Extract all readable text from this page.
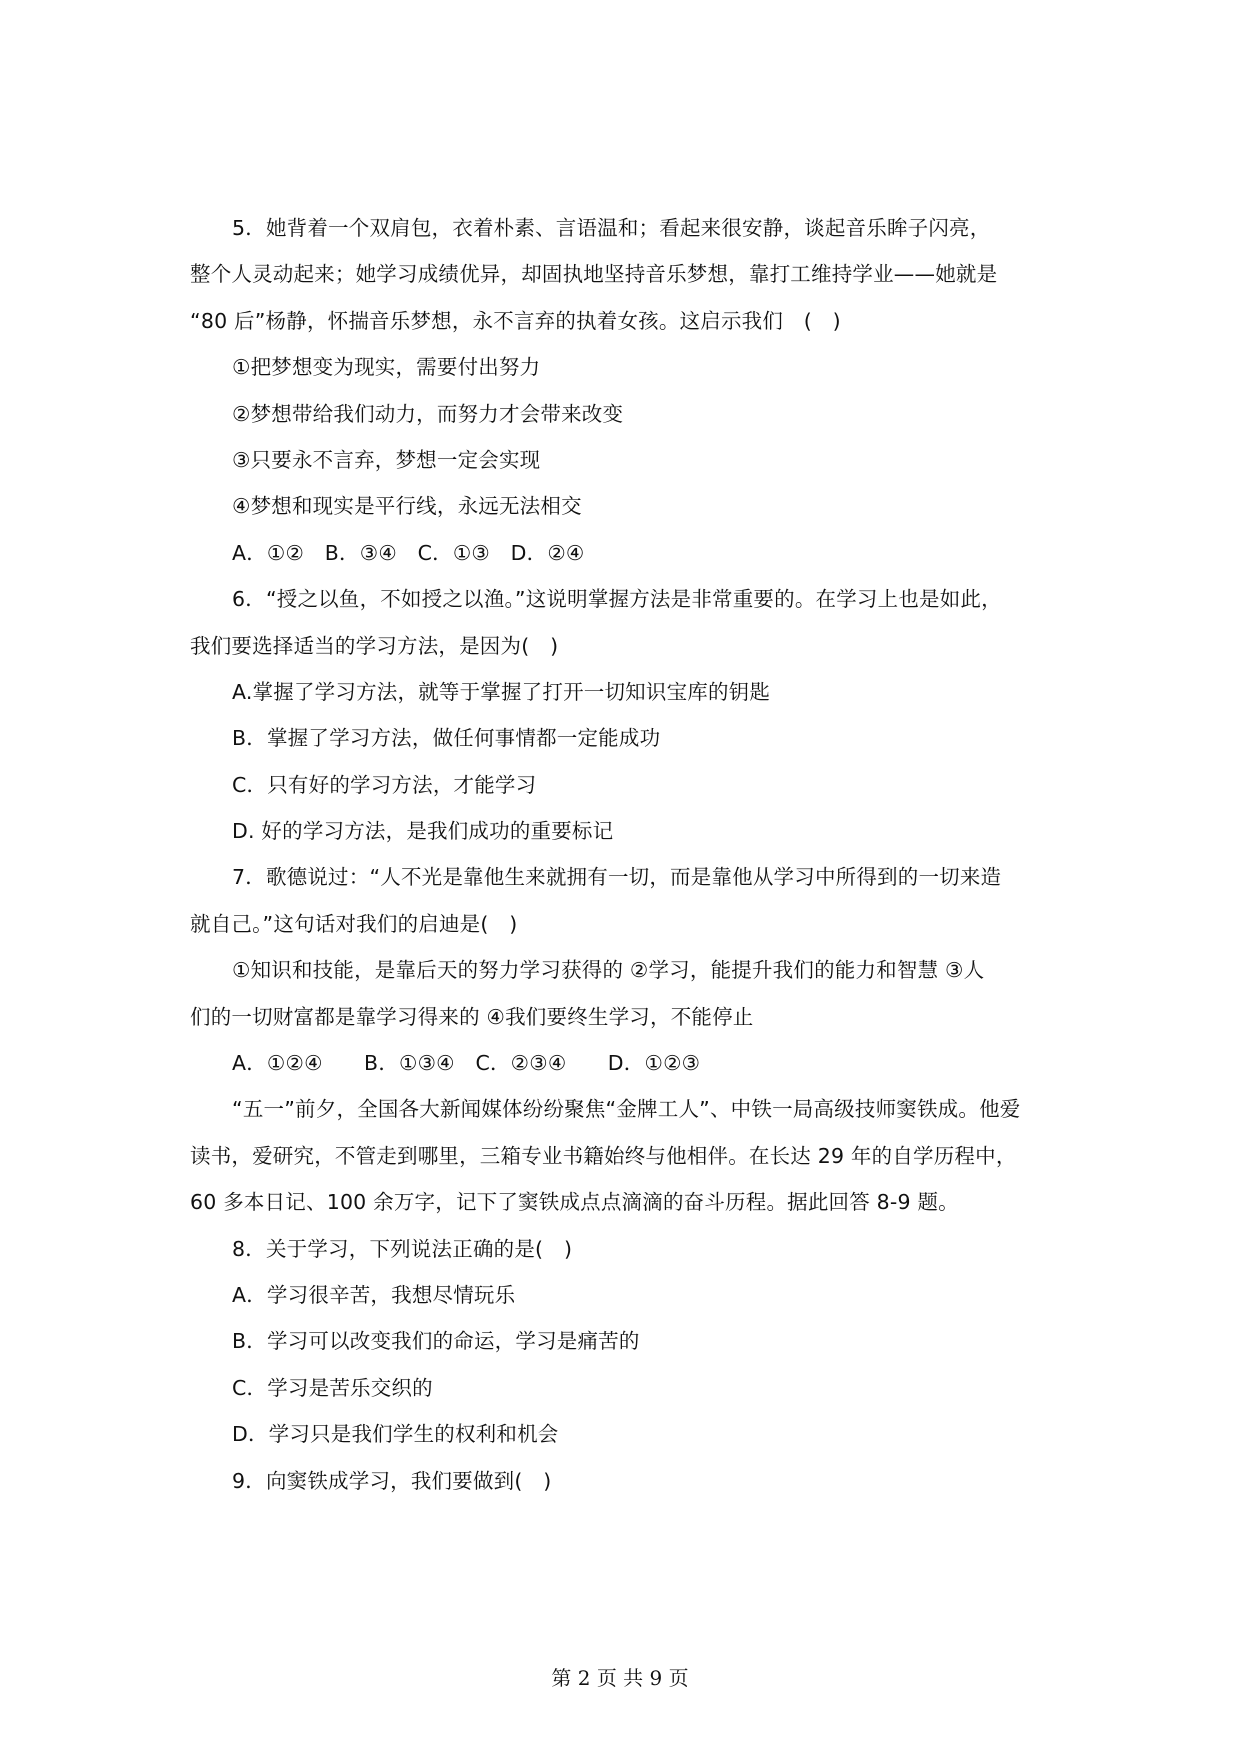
5．她背着一个双肩包，衣着朴素、言语温和；看起来很安静，谈起音乐眸子闪亮，
整个人灵动起来；她学习成绩优异，却固执地坚持音乐梦想，靠打工维持学业——她就是
“80 后”杨静，怀揣音乐梦想，永不言弃的执着女孩。这启示我们　(　)
①把梦想变为现实，需要付出努力
②梦想带给我们动力，而努力才会带来改变
③只要永不言弃，梦想一定会实现
④梦想和现实是平行线，永远无法相交
A．①②　B．③④　C．①③　D．②④
6．“授之以鱼，不如授之以渔。”这说明掌握方法是非常重要的。在学习上也是如此，
我们要选择适当的学习方法，是因为(　)
A.掌握了学习方法，就等于掌握了打开一切知识宝库的钥匙
B．掌握了学习方法，做任何事情都一定能成功
C．只有好的学习方法，才能学习
D. 好的学习方法，是我们成功的重要标记
7．歌德说过：“人不光是靠他生来就拥有一切，而是靠他从学习中所得到的一切来造
就自己。”这句话对我们的启迪是(　)
①知识和技能，是靠后天的努力学习获得的 ②学习，能提升我们的能力和智慧 ③人
们的一切财富都是靠学习得来的 ④我们要终生学习，不能停止
A．①②④　　B．①③④　C．②③④　　D．①②③
“五一”前夕，全国各大新闻媒体纷纷聚焦“金牌工人”、中铁一局高级技师窦铁成。他爱
读书，爱研究，不管走到哪里，三箱专业书籍始终与他相伴。在长达 29 年的自学历程中，
60 多本日记、100 余万字，记下了窦铁成点点滴滴的奋斗历程。据此回答 8-9 题。
8．关于学习，下列说法正确的是(　)
A．学习很辛苦，我想尽情玩乐
B．学习可以改变我们的命运，学习是痛苦的
C．学习是苦乐交织的
D．学习只是我们学生的权利和机会
9．向窦铁成学习，我们要做到(　)
第 2 页 共 9 页
